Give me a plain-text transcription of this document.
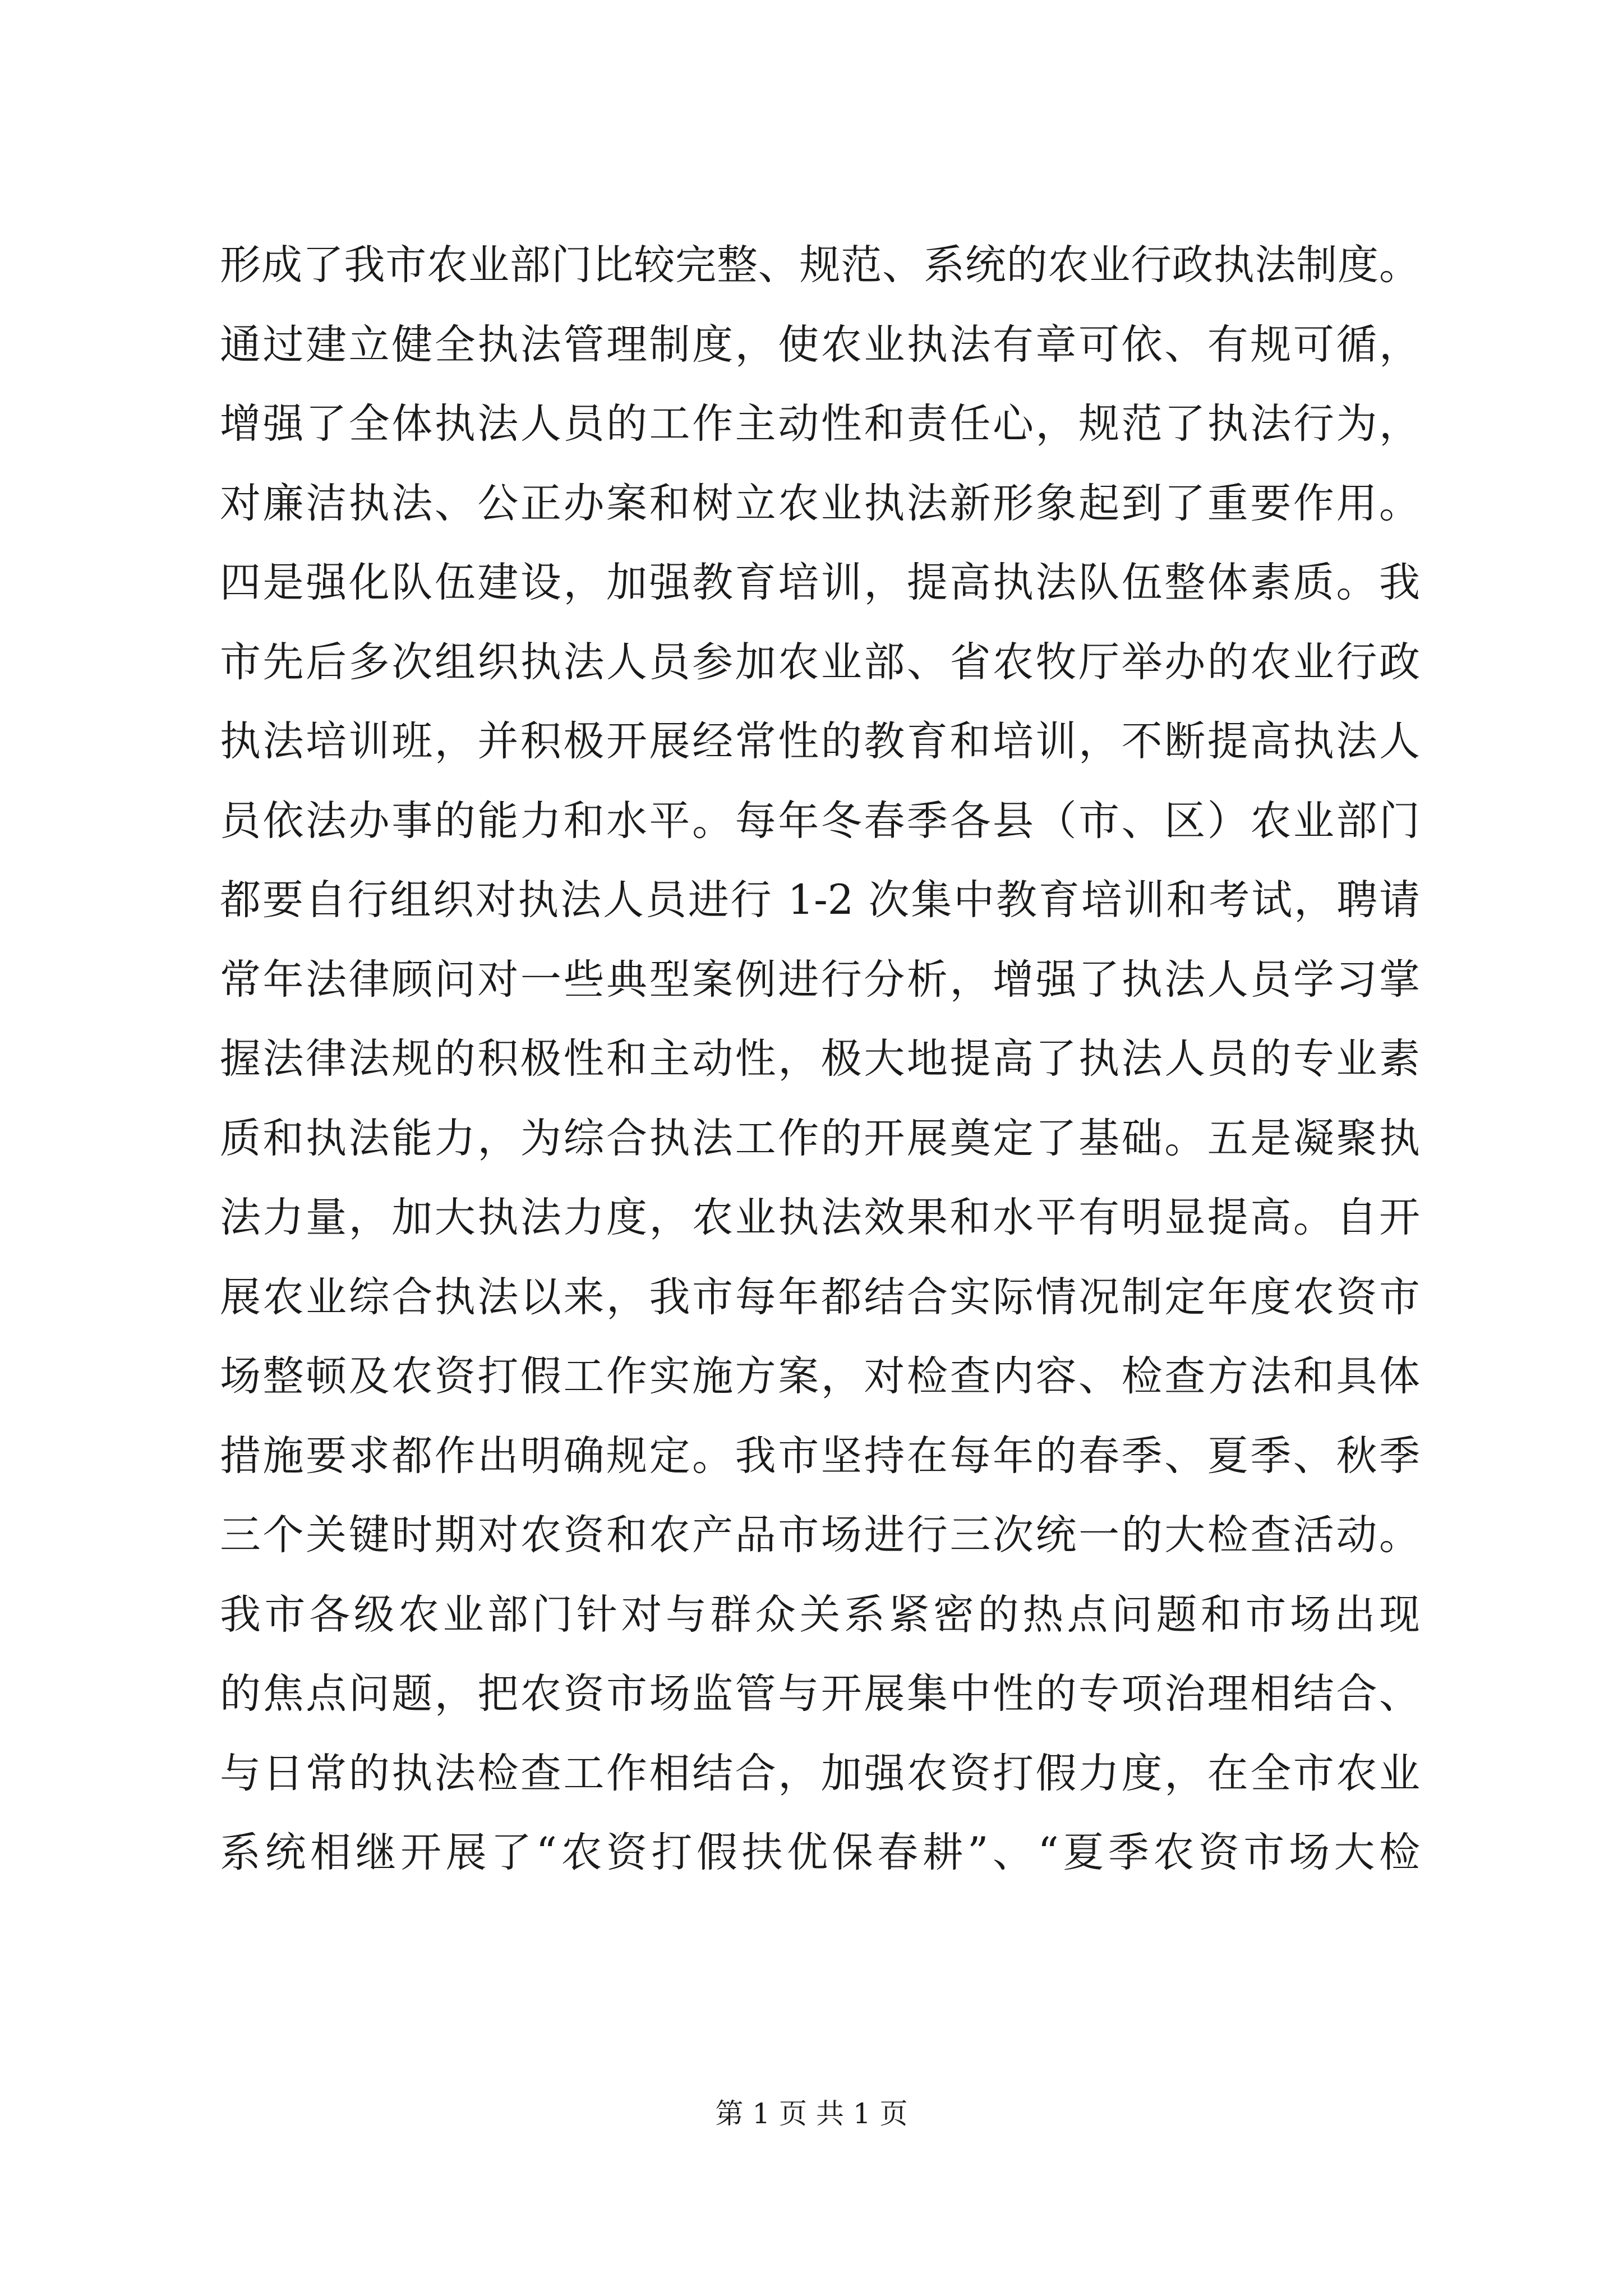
形成了我市农业部门比较完整、规范、系统的农业行政执法制度。
通过建立健全执法管理制度，使农业执法有章可依、有规可循，
增强了全体执法人员的工作主动性和责任心，规范了执法行为，
对廉洁执法、公正办案和树立农业执法新形象起到了重要作用。
四是强化队伍建设，加强教育培训，提高执法队伍整体素质。我
市先后多次组织执法人员参加农业部、省农牧厅举办的农业行政
执法培训班，并积极开展经常性的教育和培训，不断提高执法人
员依法办事的能力和水平。每年冬春季各县（市、区）农业部门
都要自行组织对执法人员进行 1-2 次集中教育培训和考试，聘请
常年法律顾问对一些典型案例进行分析，增强了执法人员学习掌
握法律法规的积极性和主动性，极大地提高了执法人员的专业素
质和执法能力，为综合执法工作的开展奠定了基础。五是凝聚执
法力量，加大执法力度，农业执法效果和水平有明显提高。自开
展农业综合执法以来，我市每年都结合实际情况制定年度农资市
场整顿及农资打假工作实施方案，对检查内容、检查方法和具体
措施要求都作出明确规定。我市坚持在每年的春季、夏季、秋季
三个关键时期对农资和农产品市场进行三次统一的大检查活动。
我市各级农业部门针对与群众关系紧密的热点问题和市场出现
的焦点问题，把农资市场监管与开展集中性的专项治理相结合、
与日常的执法检查工作相结合，加强农资打假力度，在全市农业
系统相继开展了“农资打假扶优保春耕”、“夏季农资市场大检
第 1 页 共 1 页
